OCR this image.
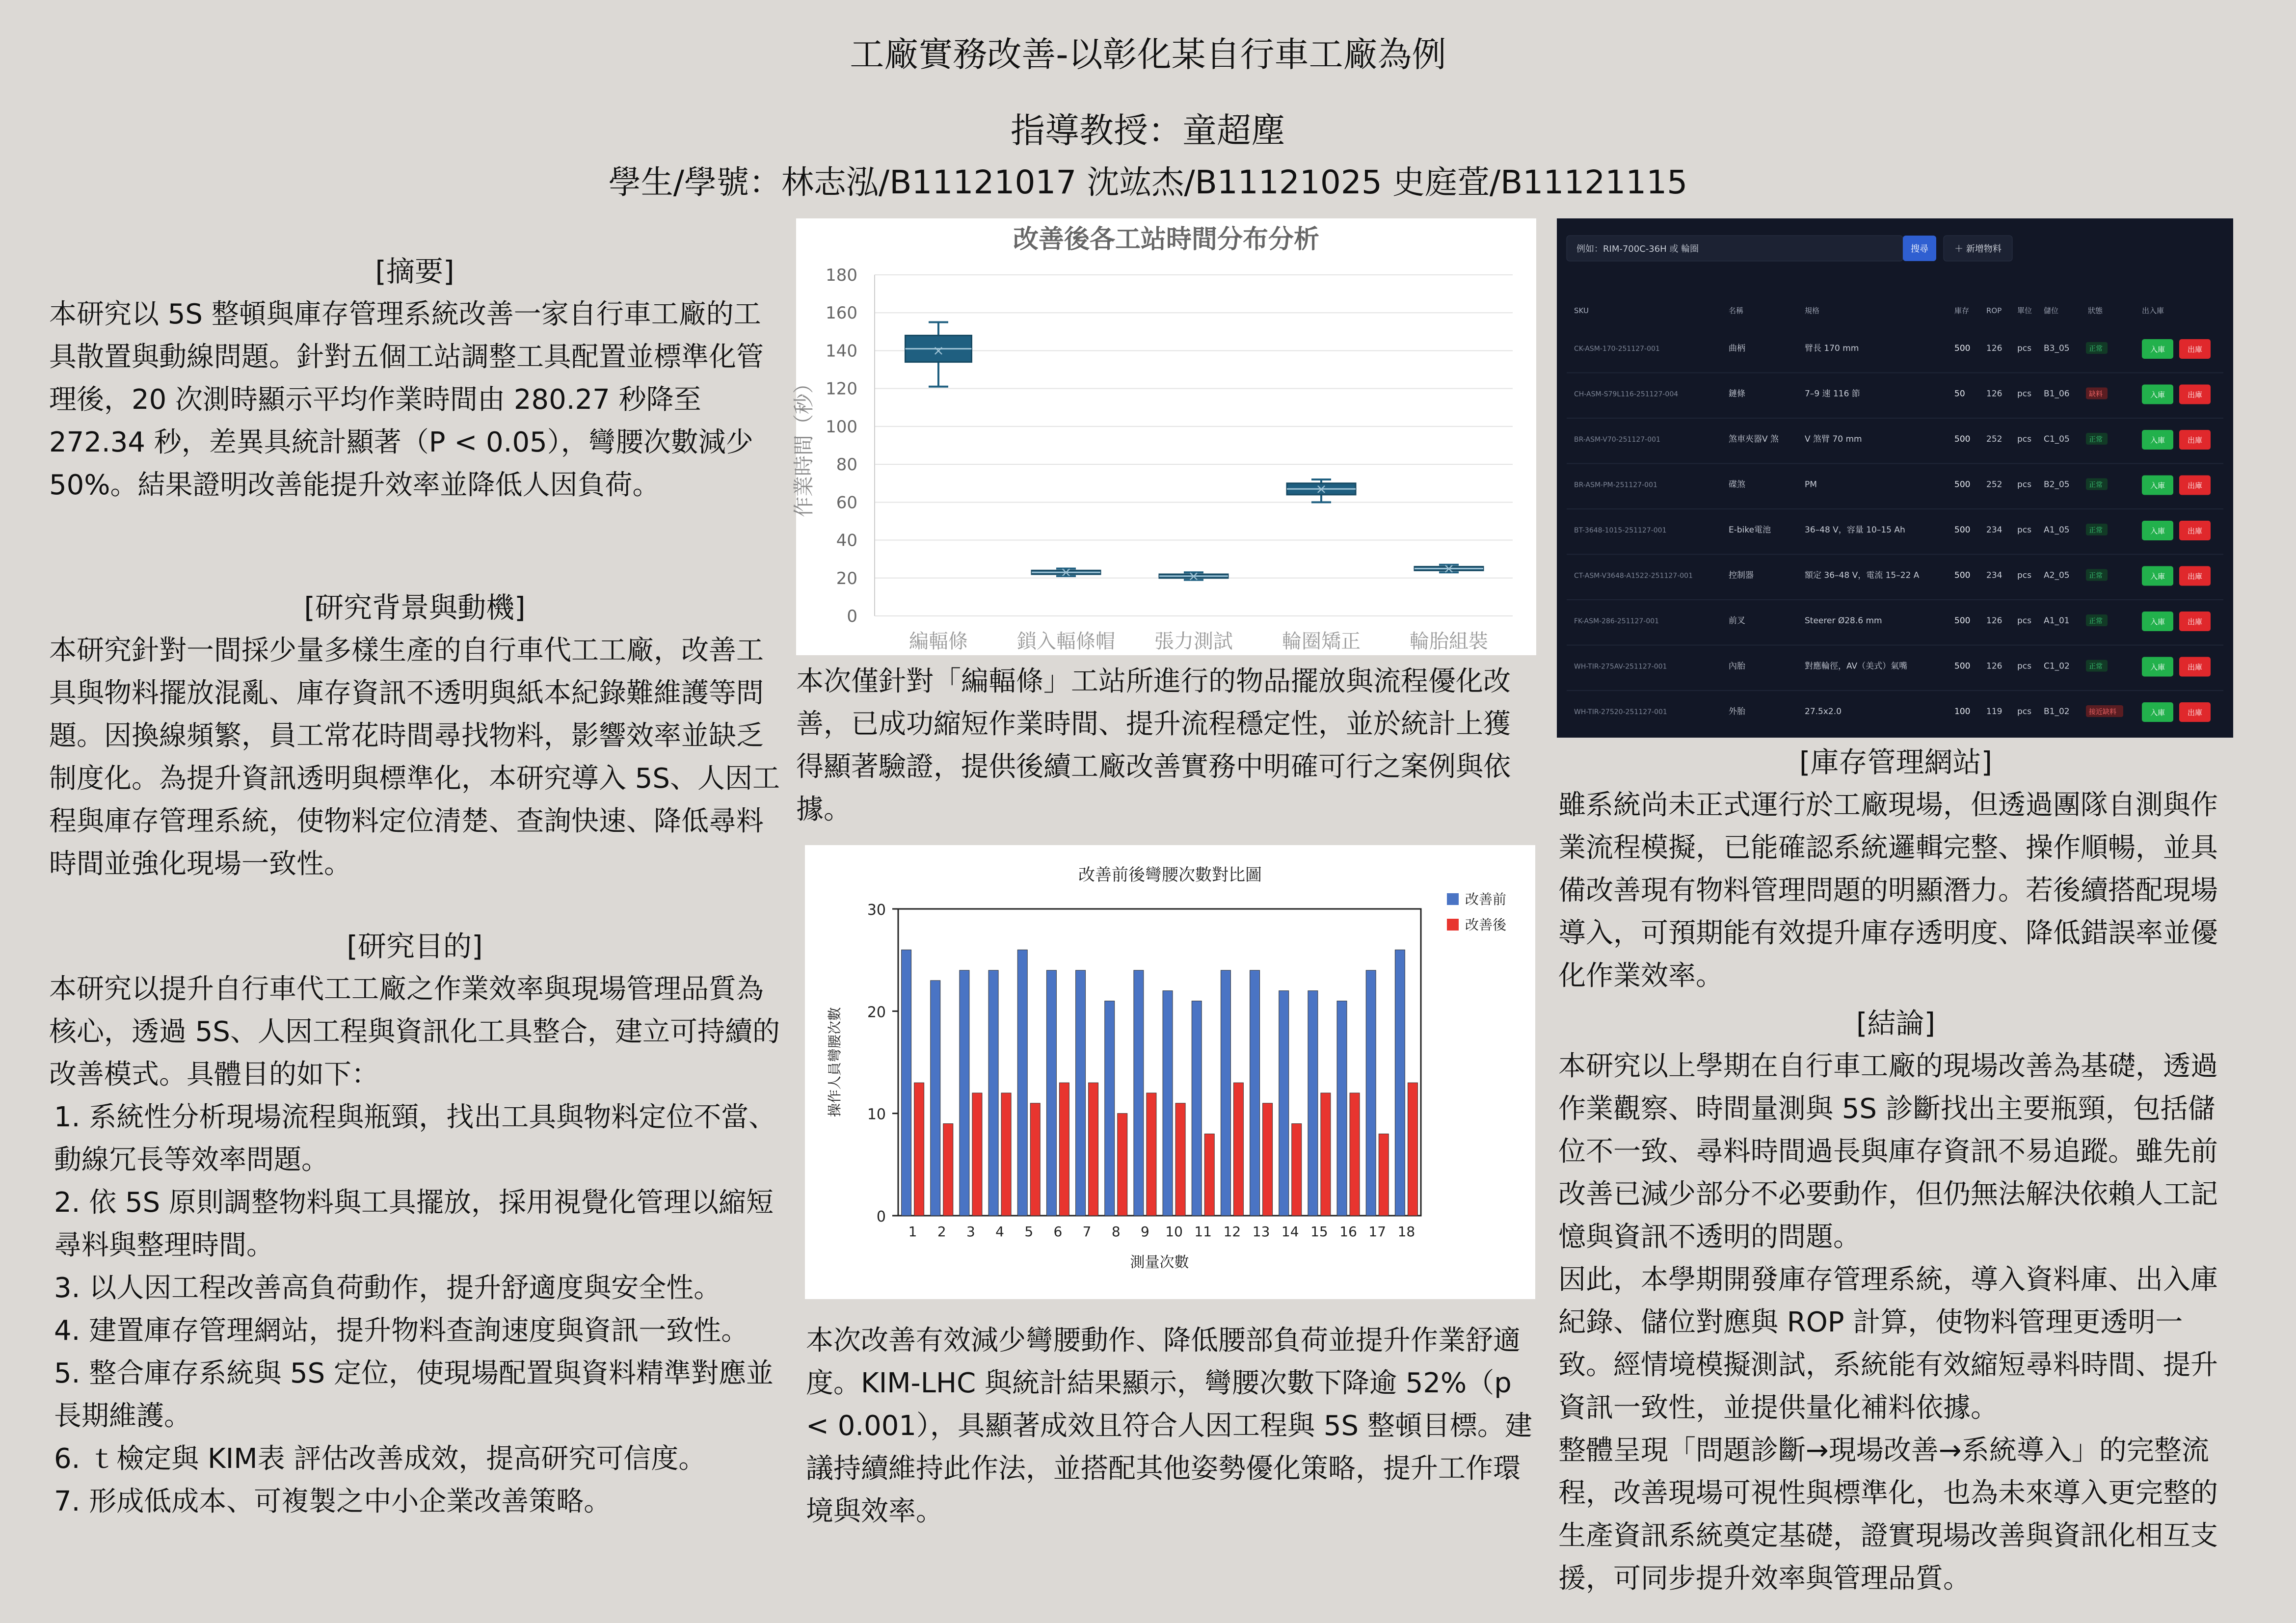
工廠實務改善-以彰化某自行車工廠為例
指導教授：童超塵
學生/學號：林志泓/B11121017 沈竑杰/B11121025 史庭萓/B11121115
[摘要]

本研究以 5S 整頓與庫存管理系統改善一家自行車工廠的工具散置與動線問題。針對五個工站調整工具配置並標準化管理後，20 次測時顯示平均作業時間由 280.27 秒降至 272.34 秒，差異具統計顯著（P < 0.05），彎腰次數減少 50%。結果證明改善能提升效率並降低人因負荷。

[研究背景與動機]

本研究針對一間採少量多樣生產的自行車代工工廠，改善工具與物料擺放混亂、庫存資訊不透明與紙本紀錄難維護等問題。因換線頻繁，員工常花時間尋找物料，影響效率並缺乏制度化。為提升資訊透明與標準化，本研究導入 5S、人因工程與庫存管理系統，使物料定位清楚、查詢快速、降低尋料時間並強化現場一致性。

[研究目的]

本研究以提升自行車代工工廠之作業效率與現場管理品質為核心，透過 5S、人因工程與資訊化工具整合，建立可持續的改善模式。具體目的如下：

1. 系統性分析現場流程與瓶頸，找出工具與物料定位不當、動線冗長等效率問題。

2. 依 5S 原則調整物料與工具擺放，採用視覺化管理以縮短尋料與整理時間。

3. 以人因工程改善高負荷動作，提升舒適度與安全性。

4. 建置庫存管理網站，提升物料查詢速度與資訊一致性。

5. 整合庫存系統與 5S 定位，使現場配置與資料精準對應並長期維護。

6. ｔ檢定與 KIM表 評估改善成效，提高研究可信度。

7. 形成低成本、可複製之中小企業改善策略。

改善後各工站時間分布分析
0
20
40
60
80
100
120
140
160
180
作業時間（秒）
×
編輻條
×
鎖入輻條帽
×
張力測試
×
輪圈矯正
×
輪胎組裝
本次僅針對「編輻條」工站所進行的物品擺放與流程優化改善，已成功縮短作業時間、提升流程穩定性，並於統計上獲得顯著驗證，提供後續工廠改善實務中明確可行之案例與依據。
改善前後彎腰次數對比圖
0
10
20
30
操作人員彎腰次數
測量次數
1 2 3 4 5 6 7 8 9 10 11 12 13 14 15 16 17 18
改善前
改善後
本次改善有效減少彎腰動作、降低腰部負荷並提升作業舒適度。KIM-LHC 與統計結果顯示，彎腰次數下降逾 52%（p < 0.001），具顯著成效且符合人因工程與 5S 整頓目標。建議持續維持此作法，並搭配其他姿勢優化策略，提升工作環境與效率。
例如：RIM-700C-36H 或 輪圈	搜尋	＋ 新增物料
SKU	名稱	規格	庫存 ROP 單位 儲位	狀態	出入庫
CK-ASM-170-251127-001	曲柄	臂長 170 mm	500 126 pcs B3_05	正常	入庫	出庫
CH-ASM-S79L116-251127-004	鏈條	7–9 速 116 節	50	126 pcs B1_06	缺料	入庫	出庫
BR-ASM-V70-251127-001	煞車夾器V 煞	V 煞臂 70 mm	500 252 pcs C1_05	正常	入庫	出庫
BR-ASM-PM-251127-001	碟煞	PM	500 252 pcs B2_05	正常	入庫	出庫
BT-3648-1015-251127-001	E-bike電池	36–48 V，容量 10–15 Ah	500 234 pcs A1_05	正常	入庫	出庫
CT-ASM-V3648-A1522-251127-001	控制器	額定 36–48 V，電流 15–22 A	500 234 pcs A2_05	正常	入庫	出庫
FK-ASM-286-251127-001	前叉	Steerer Ø28.6 mm	500 126 pcs A1_01	正常	入庫	出庫
WH-TIR-275AV-251127-001	內胎	對應輪徑，AV（美式）氣嘴	500 126 pcs C1_02	正常	入庫	出庫
WH-TIR-27520-251127-001	外胎	27.5x2.0	100 119 pcs B1_02	接近缺料	入庫	出庫
[庫存管理網站]

雖系統尚未正式運行於工廠現場，但透過團隊自測與作業流程模擬，已能確認系統邏輯完整、操作順暢，並具備改善現有物料管理問題的明顯潛力。若後續搭配現場導入，可預期能有效提升庫存透明度、降低錯誤率並優化作業效率。

[結論]

本研究以上學期在自行車工廠的現場改善為基礎，透過作業觀察、時間量測與 5S 診斷找出主要瓶頸，包括儲位不一致、尋料時間過長與庫存資訊不易追蹤。雖先前改善已減少部分不必要動作，但仍無法解決依賴人工記憶與資訊不透明的問題。

因此，本學期開發庫存管理系統，導入資料庫、出入庫紀錄、儲位對應與 ROP 計算，使物料管理更透明一致。經情境模擬測試，系統能有效縮短尋料時間、提升資訊一致性，並提供量化補料依據。

整體呈現「問題診斷→現場改善→系統導入」的完整流程，改善現場可視性與標準化，也為未來導入更完整的生產資訊系統奠定基礎，證實現場改善與資訊化相互支援，可同步提升效率與管理品質。
